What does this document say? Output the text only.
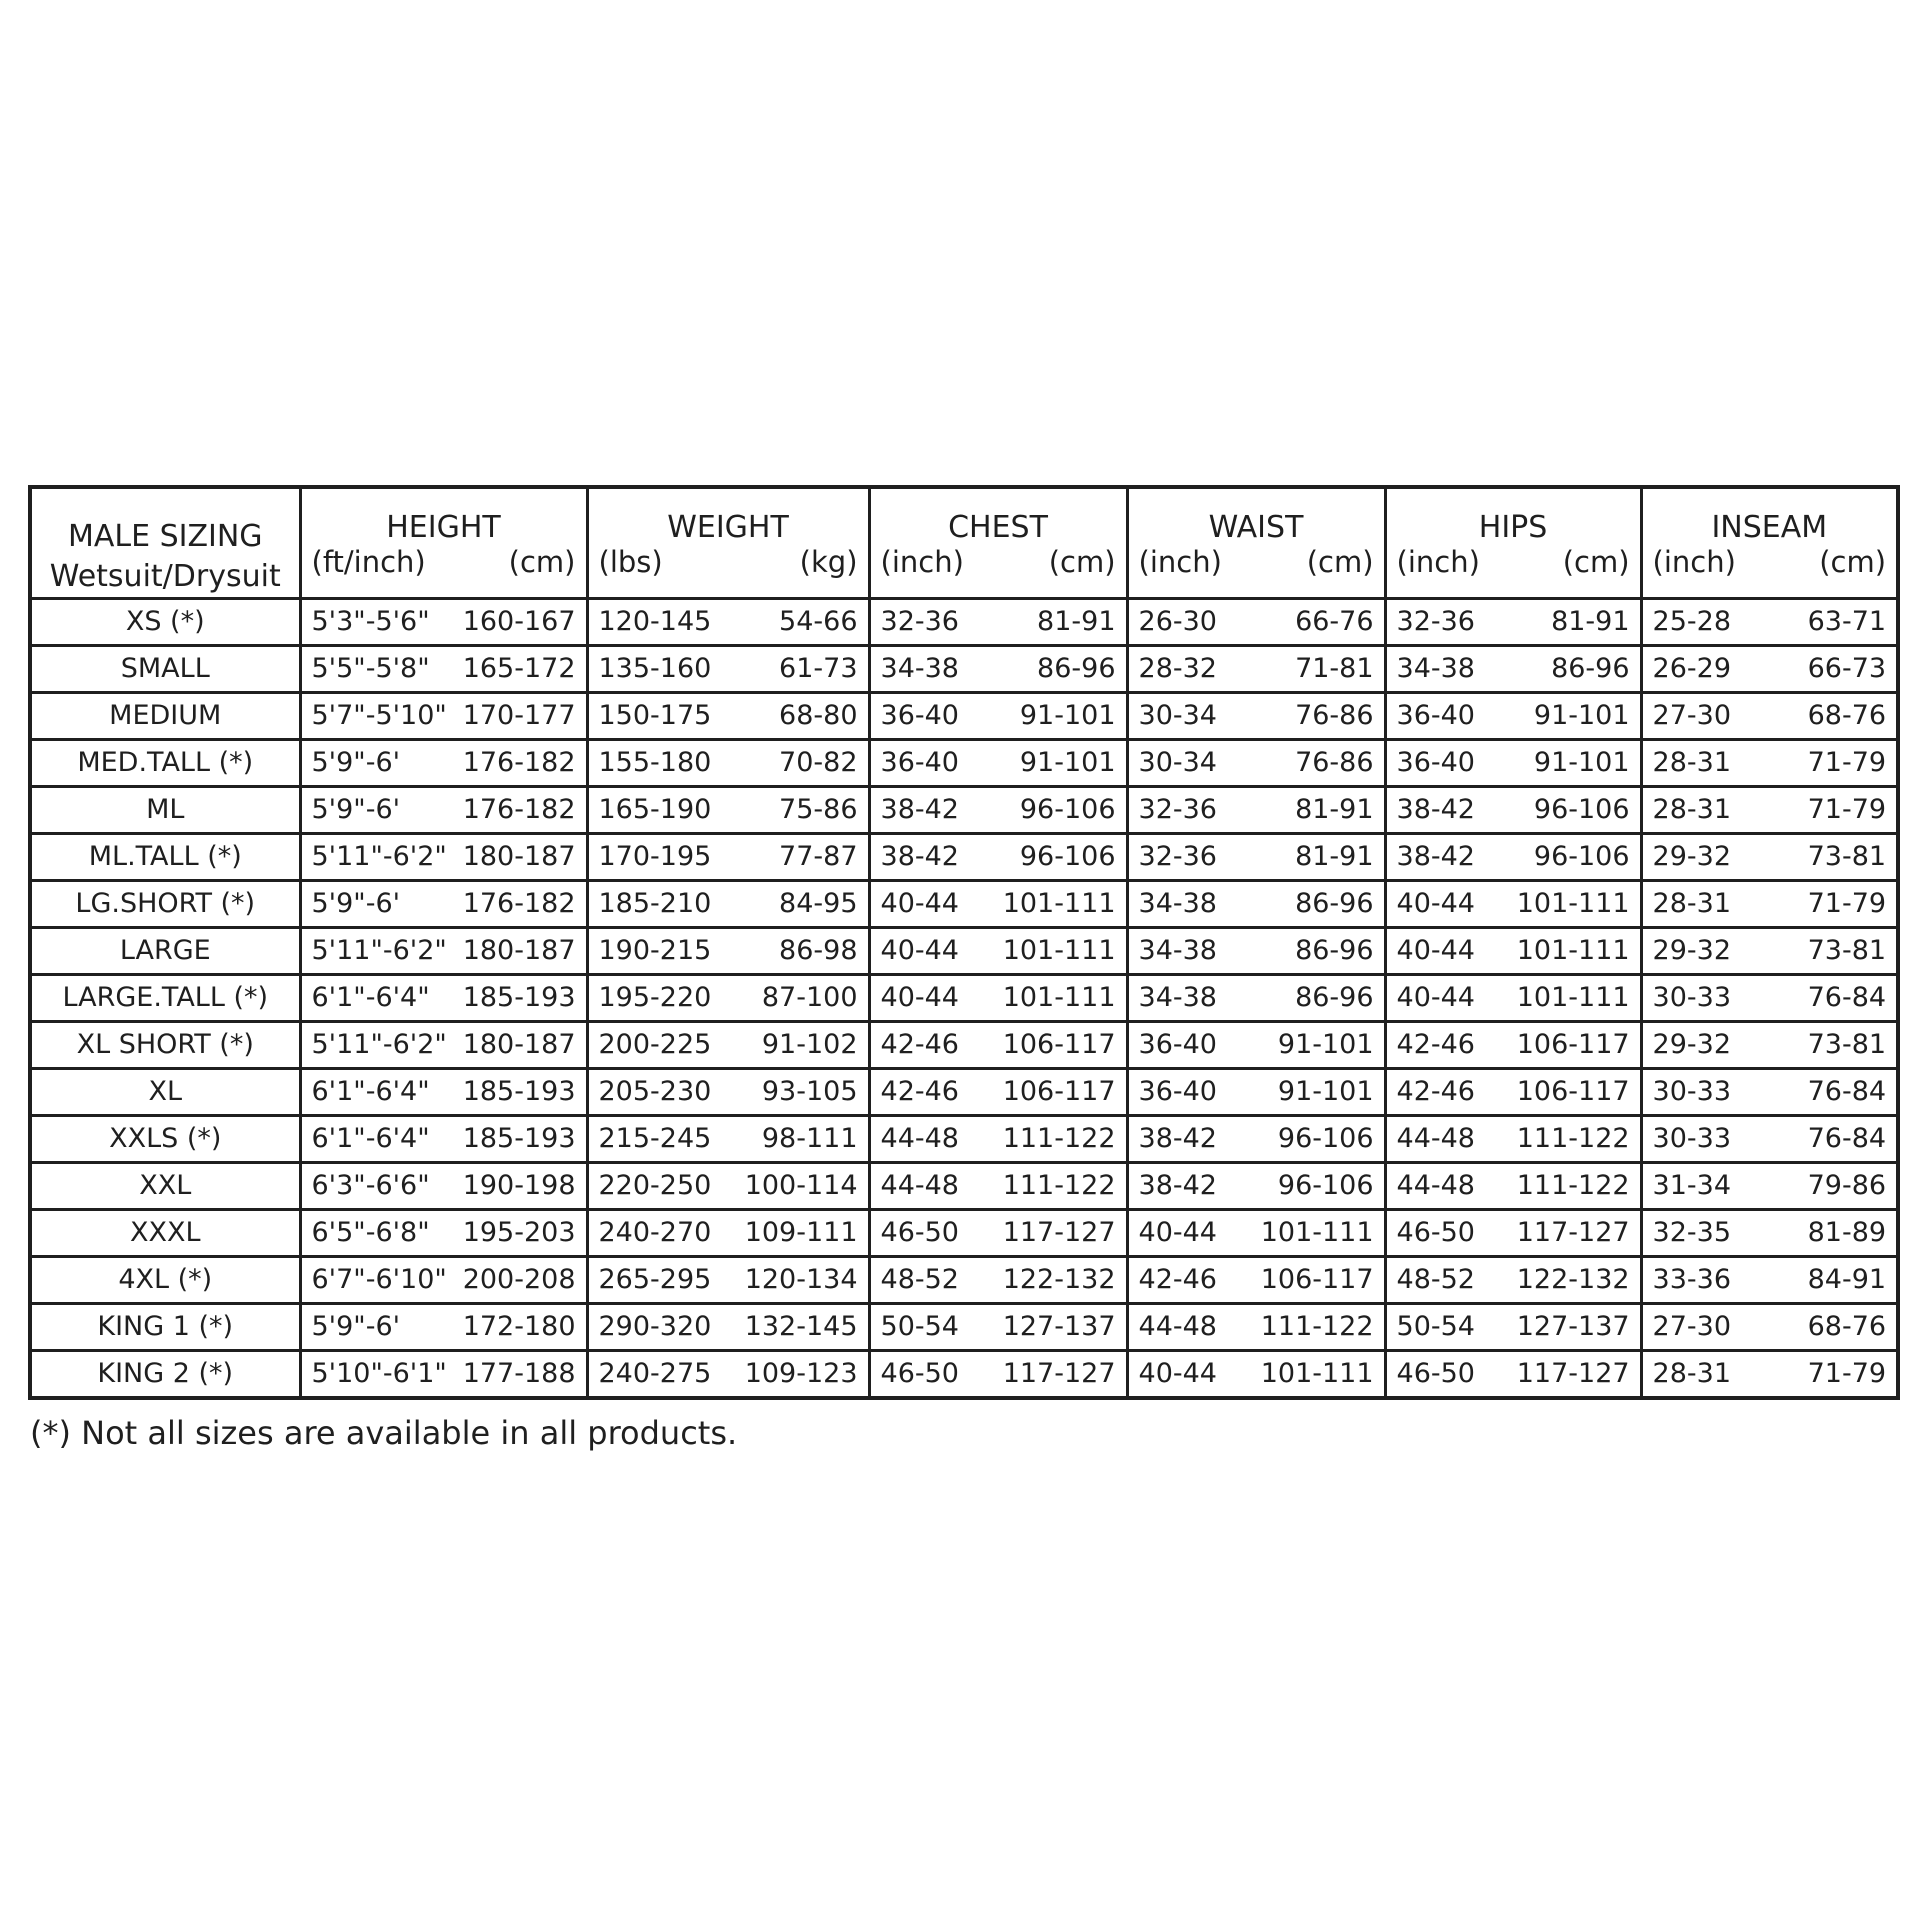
MALE SIZING
Wetsuit/Drysuit	HEIGHT		WEIGHT		CHEST		WAIST		HIPS		INSEAM	
	(ft/inch)	(cm)	(lbs)	(kg)	(inch)	(cm)	(inch)	(cm)	(inch)	(cm)	(inch)	(cm)
XS (*)	5'3"-5'6"	160-167	120-145	54-66	32-36	81-91	26-30	66-76	32-36	81-91	25-28	63-71
SMALL	5'5"-5'8"	165-172	135-160	61-73	34-38	86-96	28-32	71-81	34-38	86-96	26-29	66-73
MEDIUM	5'7"-5'10"	170-177	150-175	68-80	36-40	91-101	30-34	76-86	36-40	91-101	27-30	68-76
MED.TALL (*)	5'9"-6'	176-182	155-180	70-82	36-40	91-101	30-34	76-86	36-40	91-101	28-31	71-79
ML	5'9"-6'	176-182	165-190	75-86	38-42	96-106	32-36	81-91	38-42	96-106	28-31	71-79
ML.TALL (*)	5'11"-6'2"	180-187	170-195	77-87	38-42	96-106	32-36	81-91	38-42	96-106	29-32	73-81
LG.SHORT (*)	5'9"-6'	176-182	185-210	84-95	40-44	101-111	34-38	86-96	40-44	101-111	28-31	71-79
LARGE	5'11"-6'2"	180-187	190-215	86-98	40-44	101-111	34-38	86-96	40-44	101-111	29-32	73-81
LARGE.TALL (*)	6'1"-6'4"	185-193	195-220	87-100	40-44	101-111	34-38	86-96	40-44	101-111	30-33	76-84
XL SHORT (*)	5'11"-6'2"	180-187	200-225	91-102	42-46	106-117	36-40	91-101	42-46	106-117	29-32	73-81
XL	6'1"-6'4"	185-193	205-230	93-105	42-46	106-117	36-40	91-101	42-46	106-117	30-33	76-84
XXLS (*)	6'1"-6'4"	185-193	215-245	98-111	44-48	111-122	38-42	96-106	44-48	111-122	30-33	76-84
XXL	6'3"-6'6"	190-198	220-250	100-114	44-48	111-122	38-42	96-106	44-48	111-122	31-34	79-86
XXXL	6'5"-6'8"	195-203	240-270	109-111	46-50	117-127	40-44	101-111	46-50	117-127	32-35	81-89
4XL (*)	6'7"-6'10"	200-208	265-295	120-134	48-52	122-132	42-46	106-117	48-52	122-132	33-36	84-91
KING 1 (*)	5'9"-6'	172-180	290-320	132-145	50-54	127-137	44-48	111-122	50-54	127-137	27-30	68-76
KING 2 (*)	5'10"-6'1"	177-188	240-275	109-123	46-50	117-127	40-44	101-111	46-50	117-127	28-31	71-79
(*) Not all sizes are available in all products.
